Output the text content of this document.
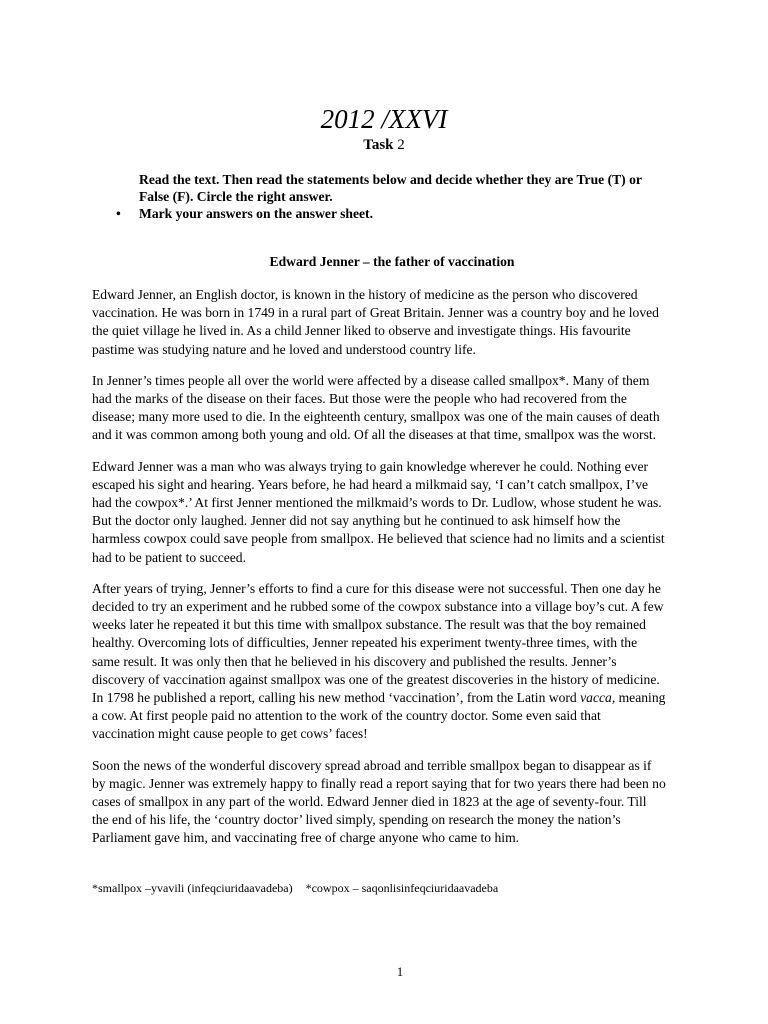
2012 /XXVI
Task 2
Read the text. Then read the statements below and decide whether they are True (T) or
False (F). Circle the right answer.
• Mark your answers on the answer sheet.
Edward Jenner – the father of vaccination
Edward Jenner, an English doctor, is known in the history of medicine as the person who discovered
vaccination. He was born in 1749 in a rural part of Great Britain. Jenner was a country boy and he loved
the quiet village he lived in. As a child Jenner liked to observe and investigate things. His favourite
pastime was studying nature and he loved and understood country life.
In Jenner’s times people all over the world were affected by a disease called smallpox*. Many of them
had the marks of the disease on their faces. But those were the people who had recovered from the
disease; many more used to die. In the eighteenth century, smallpox was one of the main causes of death
and it was common among both young and old. Of all the diseases at that time, smallpox was the worst.
Edward Jenner was a man who was always trying to gain knowledge wherever he could. Nothing ever
escaped his sight and hearing. Years before, he had heard a milkmaid say, ‘I can’t catch smallpox, I’ve
had the cowpox*.’ At first Jenner mentioned the milkmaid’s words to Dr. Ludlow, whose student he was.
But the doctor only laughed. Jenner did not say anything but he continued to ask himself how the
harmless cowpox could save people from smallpox. He believed that science had no limits and a scientist
had to be patient to succeed.
After years of trying, Jenner’s efforts to find a cure for this disease were not successful. Then one day he
decided to try an experiment and he rubbed some of the cowpox substance into a village boy’s cut. A few
weeks later he repeated it but this time with smallpox substance. The result was that the boy remained
healthy. Overcoming lots of difficulties, Jenner repeated his experiment twenty-three times, with the
same result. It was only then that he believed in his discovery and published the results. Jenner’s
discovery of vaccination against smallpox was one of the greatest discoveries in the history of medicine.
In 1798 he published a report, calling his new method ‘vaccination’, from the Latin word vacca, meaning
a cow. At first people paid no attention to the work of the country doctor. Some even said that
vaccination might cause people to get cows’ faces!
Soon the news of the wonderful discovery spread abroad and terrible smallpox began to disappear as if
by magic. Jenner was extremely happy to finally read a report saying that for two years there had been no
cases of smallpox in any part of the world. Edward Jenner died in 1823 at the age of seventy-four. Till
the end of his life, the ‘country doctor’ lived simply, spending on research the money the nation’s
Parliament gave him, and vaccinating free of charge anyone who came to him.
*smallpox –yvavili (infeqciuridaavadeba) *cowpox – saqonlisinfeqciuridaavadeba
1
